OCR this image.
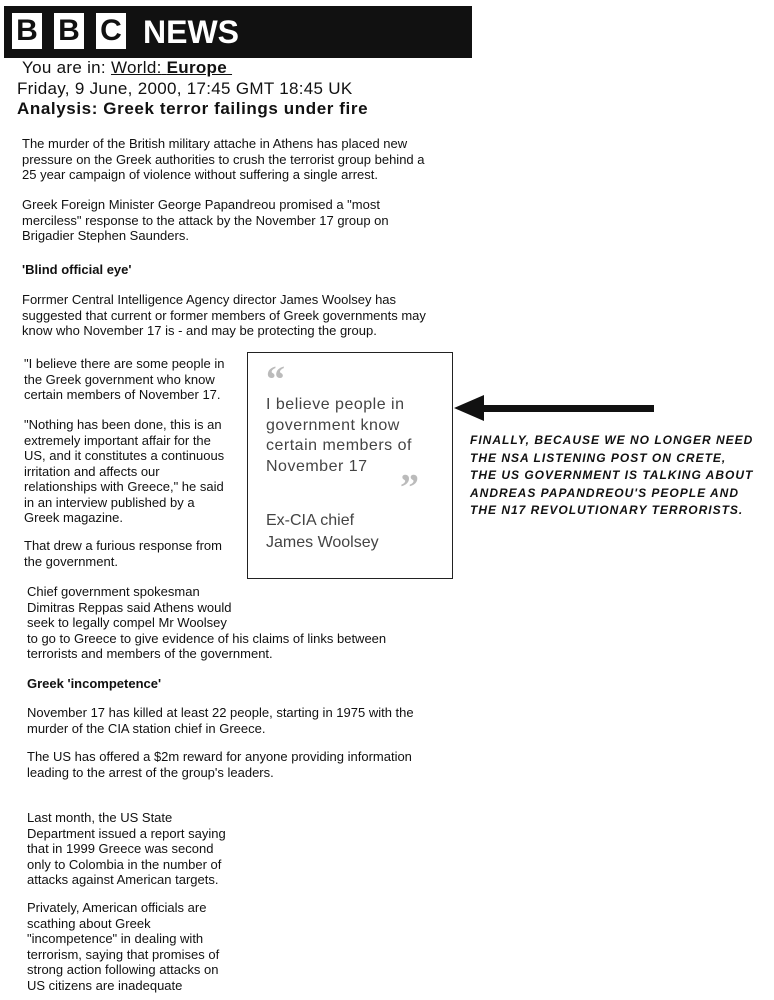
B B C NEWS
You are in: World: Europe
Friday, 9 June, 2000, 17:45 GMT 18:45 UK
Analysis: Greek terror failings under fire
The murder of the British military attache in Athens has placed new
pressure on the Greek authorities to crush the terrorist group behind a
25 year campaign of violence without suffering a single arrest.
Greek Foreign Minister George Papandreou promised a "most
merciless" response to the attack by the November 17 group on
Brigadier Stephen Saunders.
'Blind official eye'
Forrmer Central Intelligence Agency director James Woolsey has
suggested that current or former members of Greek governments may
know who November 17 is - and may be protecting the group.
"I believe there are some people in
the Greek government who know
certain members of November 17.
"Nothing has been done, this is an
extremely important affair for the
US, and it constitutes a continuous
irritation and affects our
relationships with Greece," he said
in an interview published by a
Greek magazine.
That drew a furious response from
the government.
Chief government spokesman
Dimitras Reppas said Athens would
seek to legally compel Mr Woolsey
to go to Greece to give evidence of his claims of links between
terrorists and members of the government.
Greek 'incompetence'
November 17 has killed at least 22 people, starting in 1975 with the
murder of the CIA station chief in Greece.
The US has offered a $2m reward for anyone providing information
leading to the arrest of the group's leaders.
Last month, the US State
Department issued a report saying
that in 1999 Greece was second
only to Colombia in the number of
attacks against American targets.
Privately, American officials are
scathing about Greek
"incompetence" in dealing with
terrorism, saying that promises of
strong action following attacks on
US citizens are inadequate
“
I believe people in
government know
certain members of
November 17
”
Ex-CIA chief
James Woolsey
FINALLY, BECAUSE WE NO LONGER NEED
THE NSA LISTENING POST ON CRETE,
THE US GOVERNMENT IS TALKING ABOUT
ANDREAS PAPANDREOU'S PEOPLE AND
THE N17 REVOLUTIONARY TERRORISTS.
